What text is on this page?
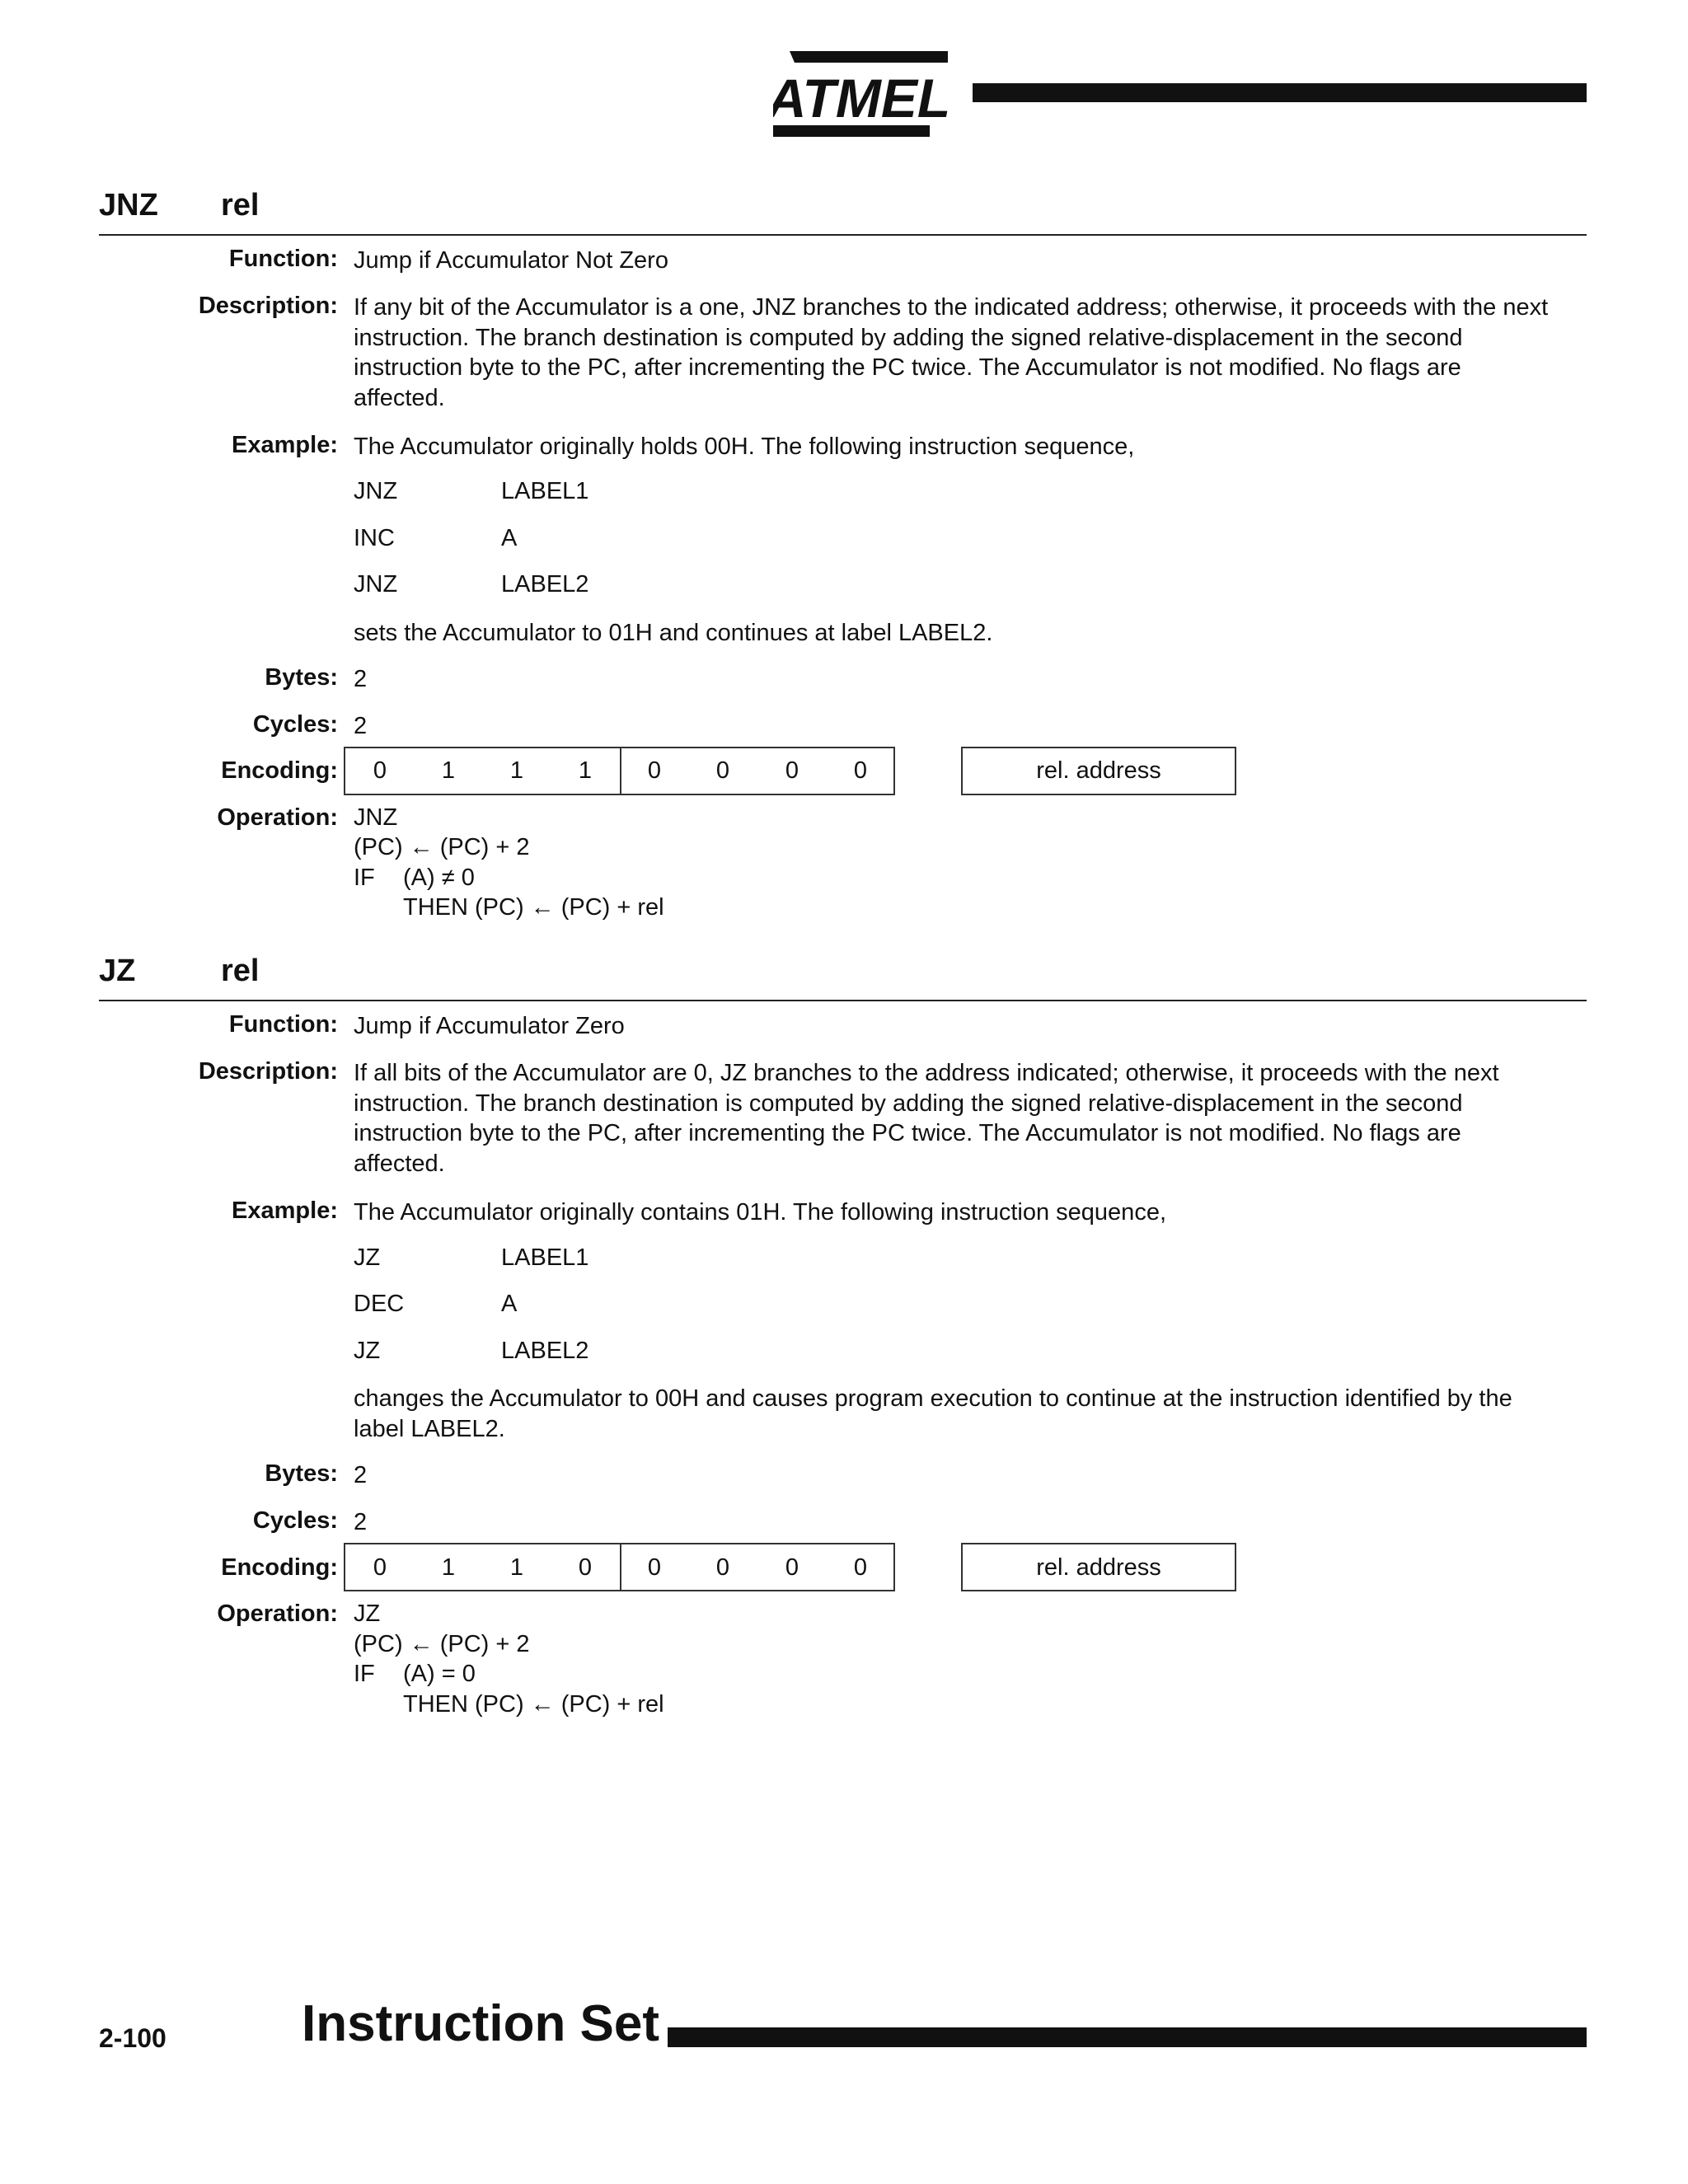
ATMEL
JNZ rel
Function: Jump if Accumulator Not Zero
Description: If any bit of the Accumulator is a one, JNZ branches to the indicated address; otherwise, it proceeds with the next
instruction. The branch destination is computed by adding the signed relative-displacement in the second
instruction byte to the PC, after incrementing the PC twice. The Accumulator is not modified. No flags are
affected.
Example: The Accumulator originally holds 00H. The following instruction sequence,
JNZ	LABEL1
INC	A
JNZ	LABEL2
sets the Accumulator to 01H and continues at label LABEL2.
Bytes: 2
Cycles: 2
Encoding:	0	1	1	1	0	0	0	0	rel. address
Operation: JNZ
(PC) ← (PC) + 2
IF (A) ≠ 0
THEN (PC) ← (PC) + rel
JZ	rel
Function: Jump if Accumulator Zero
Description: If all bits of the Accumulator are 0, JZ branches to the address indicated; otherwise, it proceeds with the next
instruction. The branch destination is computed by adding the signed relative-displacement in the second
instruction byte to the PC, after incrementing the PC twice. The Accumulator is not modified. No flags are
affected.
Example: The Accumulator originally contains 01H. The following instruction sequence,
JZ	LABEL1
DEC	A
JZ	LABEL2
changes the Accumulator to 00H and causes program execution to continue at the instruction identified by the
label LABEL2.
Bytes: 2
Cycles: 2
Encoding:	0	1	1	0	0	0	0	0	rel. address
Operation: JZ
(PC) ← (PC) + 2
IF (A) = 0
THEN (PC) ← (PC) + rel
2-100	Instruction Set
